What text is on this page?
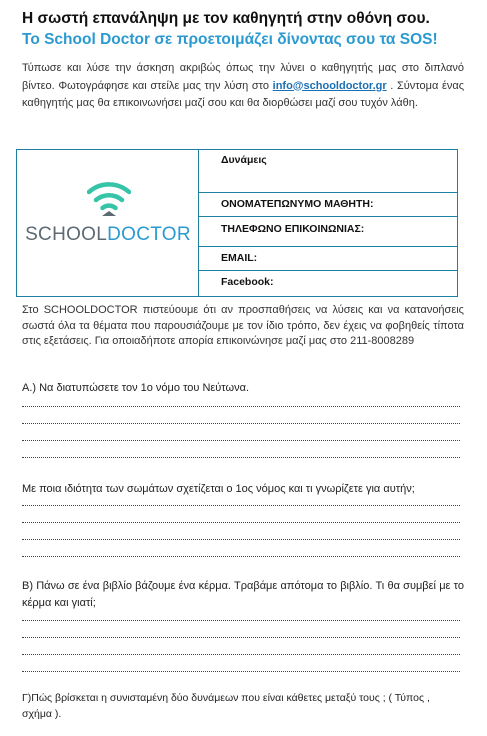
Η σωστή επανάληψη με τον καθηγητή στην οθόνη σου.
Το School Doctor σε προετοιμάζει δίνοντας σου τα SOS!
Τύπωσε και λύσε την άσκηση ακριβώς όπως την λύνει ο καθηγητής μας στο διπλανό βίντεο. Φωτογράφησε και στείλε μας την λύση στο info@schooldoctor.gr . Σύντομα ένας καθηγητής μας θα επικοινωνήσει μαζί σου και θα διορθώσει μαζί σου τυχόν λάθη.
SCHOOLDOCTOR
Δυνάμεις
ΟΝΟΜΑΤΕΠΩΝΥΜΟ ΜΑΘΗΤΗ:
ΤΗΛΕΦΩΝΟ ΕΠΙΚΟΙΝΩΝΙΑΣ:
EMAIL:
Facebook:
Στο SCHOOLDOCTOR πιστεύουμε ότι αν προσπαθήσεις να λύσεις και να κατανοήσεις σωστά όλα τα θέματα που παρουσιάζουμε με τον ίδιο τρόπο, δεν έχεις να φοβηθείς τίποτα στις εξετάσεις. Για οποιαδήποτε απορία επικοινώνησε μαζί μας στο 211-8008289
Α.) Να διατυπώσετε τον 1ο νόμο του Νεύτωνα.
Με ποια ιδιότητα των σωμάτων σχετίζεται ο 1ος νόμος και τι γνωρίζετε για αυτήν;
Β) Πάνω σε ένα βιβλίο βάζουμε ένα κέρμα. Τραβάμε απότομα το βιβλίο. Τι θα συμβεί με το κέρμα και γιατί;
Γ)Πώς βρίσκεται η συνισταμένη δύο δυνάμεων που είναι κάθετες μεταξύ τους ; ( Τύπος , σχήμα ).
